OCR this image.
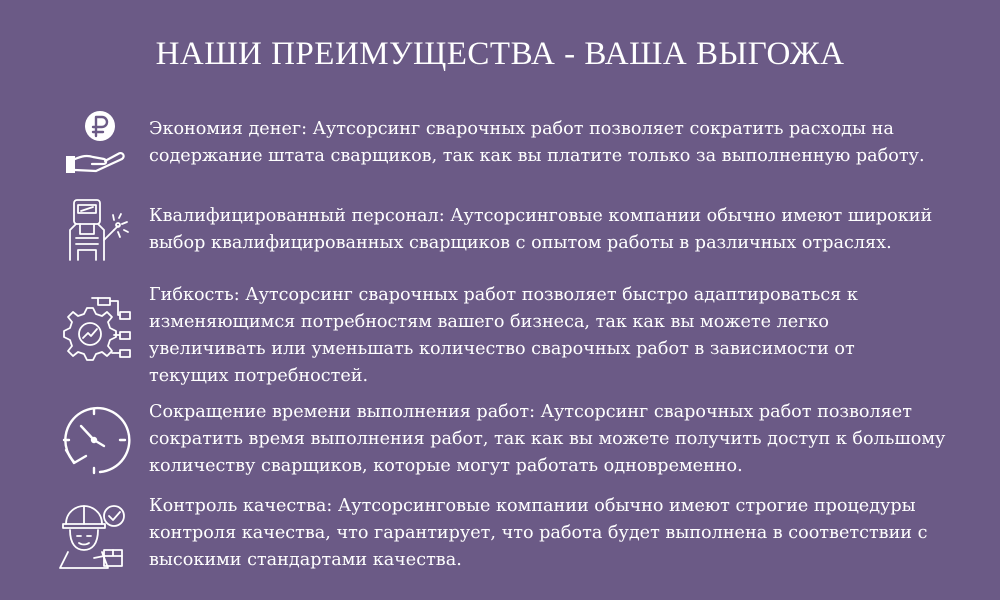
НАШИ ПРЕИМУЩЕСТВА - ВАША ВЫГОЖА
Экономия денег: Аутсорсинг сварочных работ позволяет сократить расходы на
содержание штата сварщиков, так как вы платите только за выполненную работу.
Квалифицированный персонал: Аутсорсинговые компании обычно имеют широкий
выбор квалифицированных сварщиков с опытом работы в различных отраслях.
Гибкость: Аутсорсинг сварочных работ позволяет быстро адаптироваться к
изменяющимся потребностям вашего бизнеса, так как вы можете легко
увеличивать или уменьшать количество сварочных работ в зависимости от
текущих потребностей.
Сокращение времени выполнения работ: Аутсорсинг сварочных работ позволяет
сократить время выполнения работ, так как вы можете получить доступ к большому
количеству сварщиков, которые могут работать одновременно.
Контроль качества: Аутсорсинговые компании обычно имеют строгие процедуры
контроля качества, что гарантирует, что работа будет выполнена в соответствии с
высокими стандартами качества.
